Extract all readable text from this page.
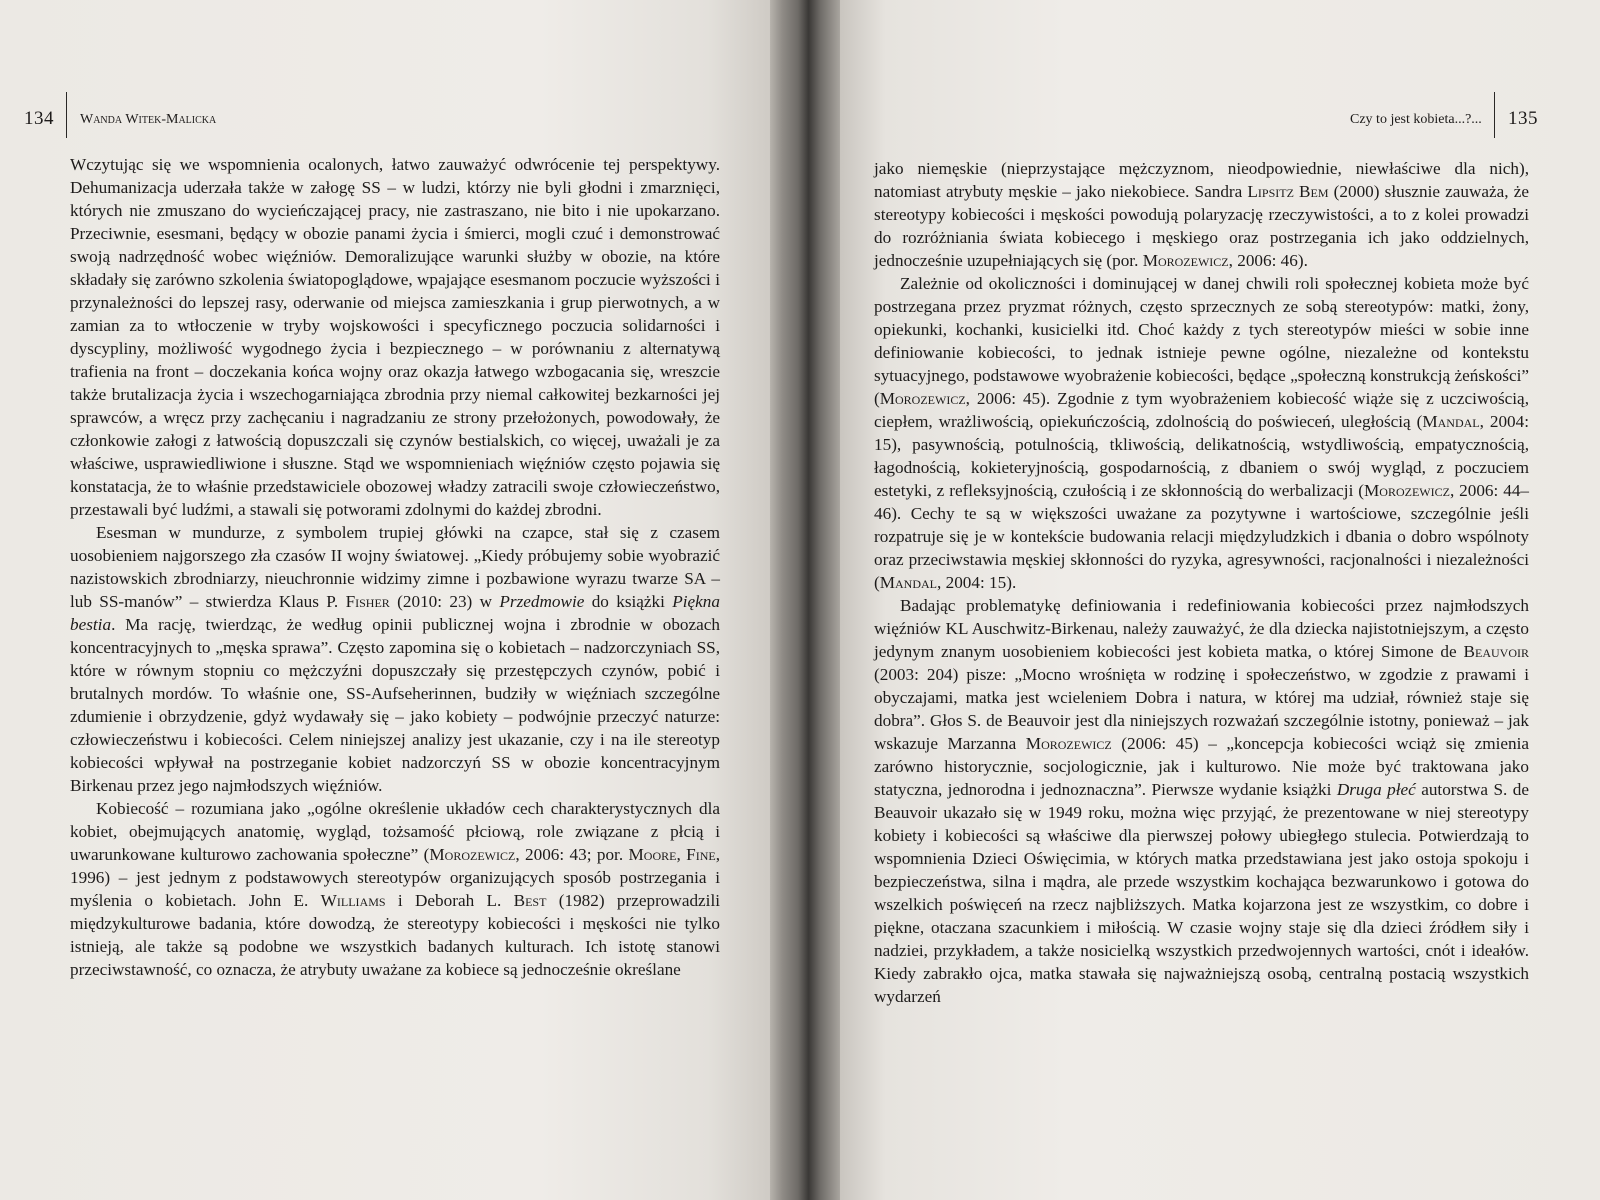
134 Wanda Witek-Malicka

Wczytując się we wspomnienia ocalonych, łatwo zauważyć odwrócenie tej perspektywy. Dehumanizacja uderzała także w załogę SS – w ludzi, którzy nie byli głodni i zmarznięci, których nie zmuszano do wycieńczającej pracy, nie zastraszano, nie bito i nie upokarzano. Przeciwnie, esesmani, będący w obozie panami życia i śmierci, mogli czuć i demonstrować swoją nadrzędność wobec więźniów. Demoralizujące warunki służby w obozie, na które składały się zarówno szkolenia światopoglądowe, wpajające esesmanom poczucie wyższości i przynależności do lepszej rasy, oderwanie od miejsca zamieszkania i grup pierwotnych, a w zamian za to wtłoczenie w tryby wojskowości i specyficznego poczucia solidarności i dyscypliny, możliwość wygodnego życia i bezpiecznego – w porównaniu z alternatywą trafienia na front – doczekania końca wojny oraz okazja łatwego wzbogacania się, wreszcie także brutalizacja życia i wszechogarniająca zbrodnia przy niemal całkowitej bezkarności jej sprawców, a wręcz przy zachęcaniu i nagradzaniu ze strony przełożonych, powodowały, że członkowie załogi z łatwością dopuszczali się czynów bestialskich, co więcej, uważali je za właściwe, usprawiedliwione i słuszne. Stąd we wspomnieniach więźniów często pojawia się konstatacja, że to właśnie przedstawiciele obozowej władzy zatracili swoje człowieczeństwo, przestawali być ludźmi, a stawali się potworami zdolnymi do każdej zbrodni.

Esesman w mundurze, z symbolem trupiej główki na czapce, stał się z czasem uosobieniem najgorszego zła czasów II wojny światowej. „Kiedy próbujemy sobie wyobrazić nazistowskich zbrodniarzy, nieuchronnie widzimy zimne i pozbawione wyrazu twarze SA – lub SS-manów” – stwierdza Klaus P. Fisher (2010: 23) w Przedmowie do książki Piękna bestia. Ma rację, twierdząc, że według opinii publicznej wojna i zbrodnie w obozach koncentracyjnych to „męska sprawa”. Często zapomina się o kobietach – nadzorczyniach SS, które w równym stopniu co mężczyźni dopuszczały się przestępczych czynów, pobić i brutalnych mordów. To właśnie one, SS-Aufseherinnen, budziły w więźniach szczególne zdumienie i obrzydzenie, gdyż wydawały się – jako kobiety – podwójnie przeczyć naturze: człowieczeństwu i kobiecości. Celem niniejszej analizy jest ukazanie, czy i na ile stereotyp kobiecości wpływał na postrzeganie kobiet nadzorczyń SS w obozie koncentracyjnym Birkenau przez jego najmłodszych więźniów.

Kobiecość – rozumiana jako „ogólne określenie układów cech charakterystycznych dla kobiet, obejmujących anatomię, wygląd, tożsamość płciową, role związane z płcią i uwarunkowane kulturowo zachowania społeczne” (Morozewicz, 2006: 43; por. Moore, Fine, 1996) – jest jednym z podstawowych stereotypów organizujących sposób postrzegania i myślenia o kobietach. John E. Williams i Deborah L. Best (1982) przeprowadzili międzykulturowe badania, które dowodzą, że stereotypy kobiecości i męskości nie tylko istnieją, ale także są podobne we wszystkich badanych kulturach. Ich istotę stanowi przeciwstawność, co oznacza, że atrybuty uważane za kobiece są jednocześnie określane

Czy to jest kobieta...?... 135

jako niemęskie (nieprzystające mężczyznom, nieodpowiednie, niewłaściwe dla nich), natomiast atrybuty męskie – jako niekobiece. Sandra Lipsitz Bem (2000) słusznie zauważa, że stereotypy kobiecości i męskości powodują polaryzację rzeczywistości, a to z kolei prowadzi do rozróżniania świata kobiecego i męskiego oraz postrzegania ich jako oddzielnych, jednocześnie uzupełniających się (por. Morozewicz, 2006: 46).

Zależnie od okoliczności i dominującej w danej chwili roli społecznej kobieta może być postrzegana przez pryzmat różnych, często sprzecznych ze sobą stereotypów: matki, żony, opiekunki, kochanki, kusicielki itd. Choć każdy z tych stereotypów mieści w sobie inne definiowanie kobiecości, to jednak istnieje pewne ogólne, niezależne od kontekstu sytuacyjnego, podstawowe wyobrażenie kobiecości, będące „społeczną konstrukcją żeńskości” (Morozewicz, 2006: 45). Zgodnie z tym wyobrażeniem kobiecość wiąże się z uczciwością, ciepłem, wrażliwością, opiekuńczością, zdolnością do poświeceń, uległością (Mandal, 2004: 15), pasywnością, potulnością, tkliwością, delikatnością, wstydliwością, empatycznością, łagodnością, kokieteryjnością, gospodarnością, z dbaniem o swój wygląd, z poczuciem estetyki, z refleksyjnością, czułością i ze skłonnością do werbalizacji (Morozewicz, 2006: 44–46). Cechy te są w większości uważane za pozytywne i wartościowe, szczególnie jeśli rozpatruje się je w kontekście budowania relacji międzyludzkich i dbania o dobro wspólnoty oraz przeciwstawia męskiej skłonności do ryzyka, agresywności, racjonalności i niezależności (Mandal, 2004: 15).

Badając problematykę definiowania i redefiniowania kobiecości przez najmłodszych więźniów KL Auschwitz-Birkenau, należy zauważyć, że dla dziecka najistotniejszym, a często jedynym znanym uosobieniem kobiecości jest kobieta matka, o której Simone de Beauvoir (2003: 204) pisze: „Mocno wrośnięta w rodzinę i społeczeństwo, w zgodzie z prawami i obyczajami, matka jest wcieleniem Dobra i natura, w której ma udział, również staje się dobra”. Głos S. de Beauvoir jest dla niniejszych rozważań szczególnie istotny, ponieważ – jak wskazuje Marzanna Morozewicz (2006: 45) – „koncepcja kobiecości wciąż się zmienia zarówno historycznie, socjologicznie, jak i kulturowo. Nie może być traktowana jako statyczna, jednorodna i jednoznaczna”. Pierwsze wydanie książki Druga płeć autorstwa S. de Beauvoir ukazało się w 1949 roku, można więc przyjąć, że prezentowane w niej stereotypy kobiety i kobiecości są właściwe dla pierwszej połowy ubiegłego stulecia. Potwierdzają to wspomnienia Dzieci Oświęcimia, w których matka przedstawiana jest jako ostoja spokoju i bezpieczeństwa, silna i mądra, ale przede wszystkim kochająca bezwarunkowo i gotowa do wszelkich poświęceń na rzecz najbliższych. Matka kojarzona jest ze wszystkim, co dobre i piękne, otaczana szacunkiem i miłością. W czasie wojny staje się dla dzieci źródłem siły i nadziei, przykładem, a także nosicielką wszystkich przedwojennych wartości, cnót i ideałów. Kiedy zabrakło ojca, matka stawała się najważniejszą osobą, centralną postacią wszystkich wydarzeń
